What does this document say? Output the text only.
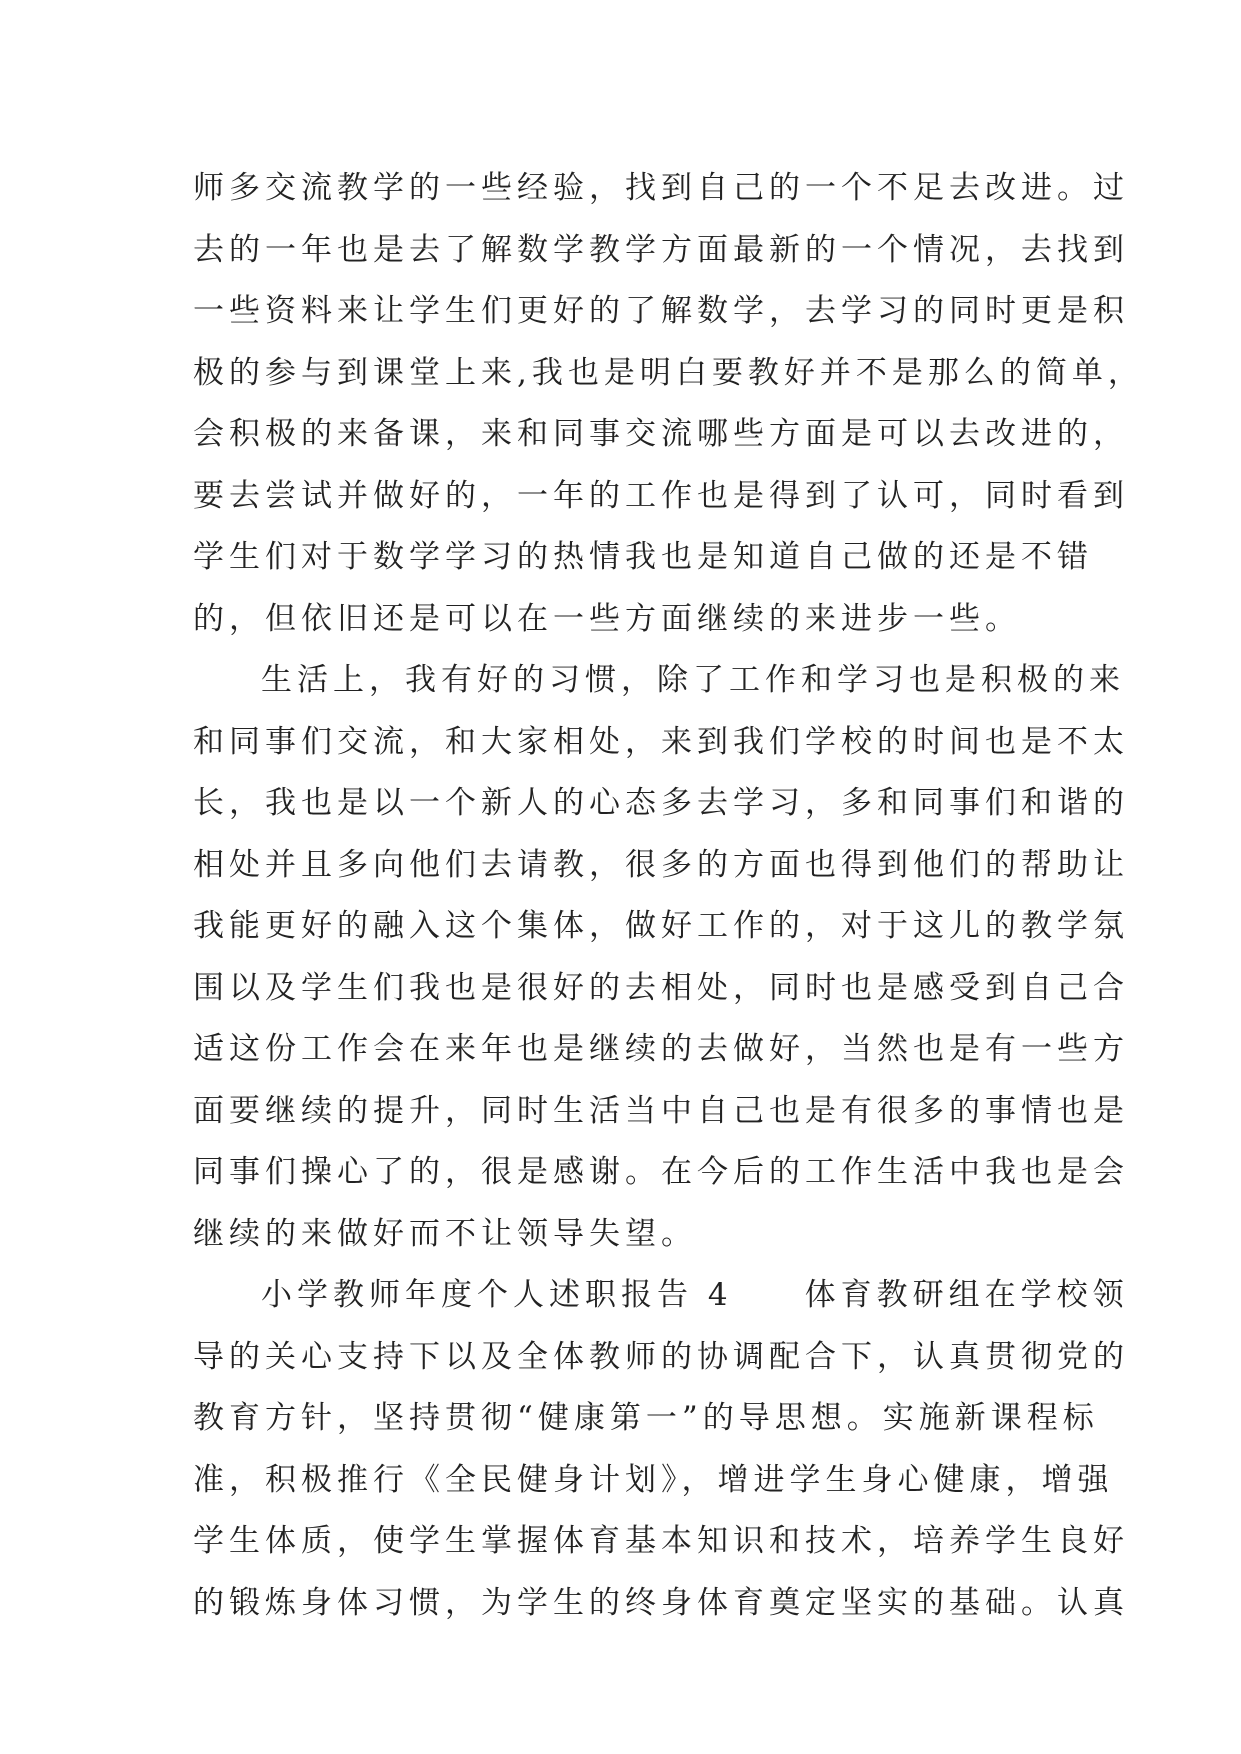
师多交流教学的一些经验，找到自己的一个不足去改进。过
去的一年也是去了解数学教学方面最新的一个情况，去找到
一些资料来让学生们更好的了解数学，去学习的同时更是积
极的参与到课堂上来,我也是明白要教好并不是那么的简单，
会积极的来备课，来和同事交流哪些方面是可以去改进的，
要去尝试并做好的，一年的工作也是得到了认可，同时看到
学生们对于数学学习的热情我也是知道自己做的还是不错
的，但依旧还是可以在一些方面继续的来进步一些。
生活上，我有好的习惯，除了工作和学习也是积极的来
和同事们交流，和大家相处，来到我们学校的时间也是不太
长，我也是以一个新人的心态多去学习，多和同事们和谐的
相处并且多向他们去请教，很多的方面也得到他们的帮助让
我能更好的融入这个集体，做好工作的，对于这儿的教学氛
围以及学生们我也是很好的去相处，同时也是感受到自己合
适这份工作会在来年也是继续的去做好，当然也是有一些方
面要继续的提升，同时生活当中自己也是有很多的事情也是
同事们操心了的，很是感谢。在今后的工作生活中我也是会
继续的来做好而不让领导失望。
小学教师年度个人述职报告 4　　体育教研组在学校领
导的关心支持下以及全体教师的协调配合下，认真贯彻党的
教育方针，坚持贯彻“健康第一”的导思想。实施新课程标
准，积极推行《全民健身计划》，增进学生身心健康，增强
学生体质，使学生掌握体育基本知识和技术，培养学生良好
的锻炼身体习惯，为学生的终身体育奠定坚实的基础。认真
